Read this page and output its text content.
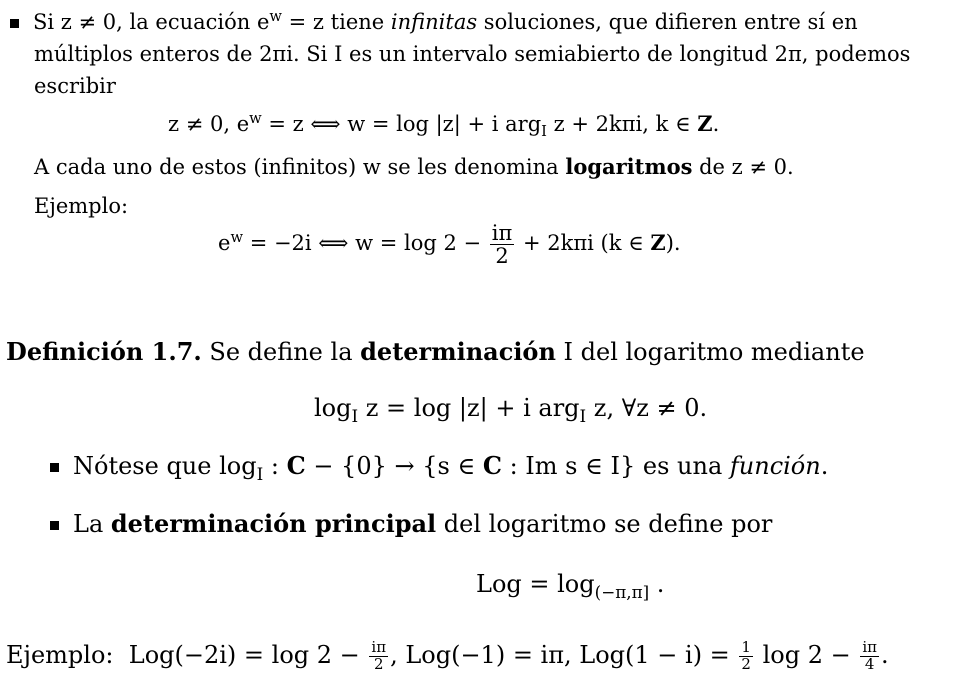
Si z ≠ 0, la ecuación $e^w = z$ tiene infinitas soluciones, que difieren entre sí en
múltiplos enteros de 2πi. Si I es un intervalo semiabierto de longitud 2π, podemos
escribir
z ≠ 0, $e^w = z$ ⟺ w = log |z| + i arg$_I$ z + 2kπi, k ∈ Z.
A cada uno de estos (infinitos) w se les denomina logaritmos de z ≠ 0.
Ejemplo:
$e^w = -2i$ ⟺ $w = \log 2 - \frac{i\pi}{2} + 2k\pi i$ (k ∈ Z).
Definición 1.7. Se define la determinación I del logaritmo mediante
$\log_I z = \log |z| + i$ arg$_I$ z, ∀z ≠ 0.
Nótese que $\log_I$ : C − {0} → {s ∈ C : Im s ∈ I} es una función.
La determinación principal del logaritmo se define por
Log = $\log_{(-\pi,\pi]}$ .
Ejemplo: $Log(-2i) = \log 2 - \frac{i\pi}{2}$ , Log(−1) = iπ, $Log(1 - i) = \frac{1}{2}$ $\log 2 - \frac{i\pi}{4}$ .
